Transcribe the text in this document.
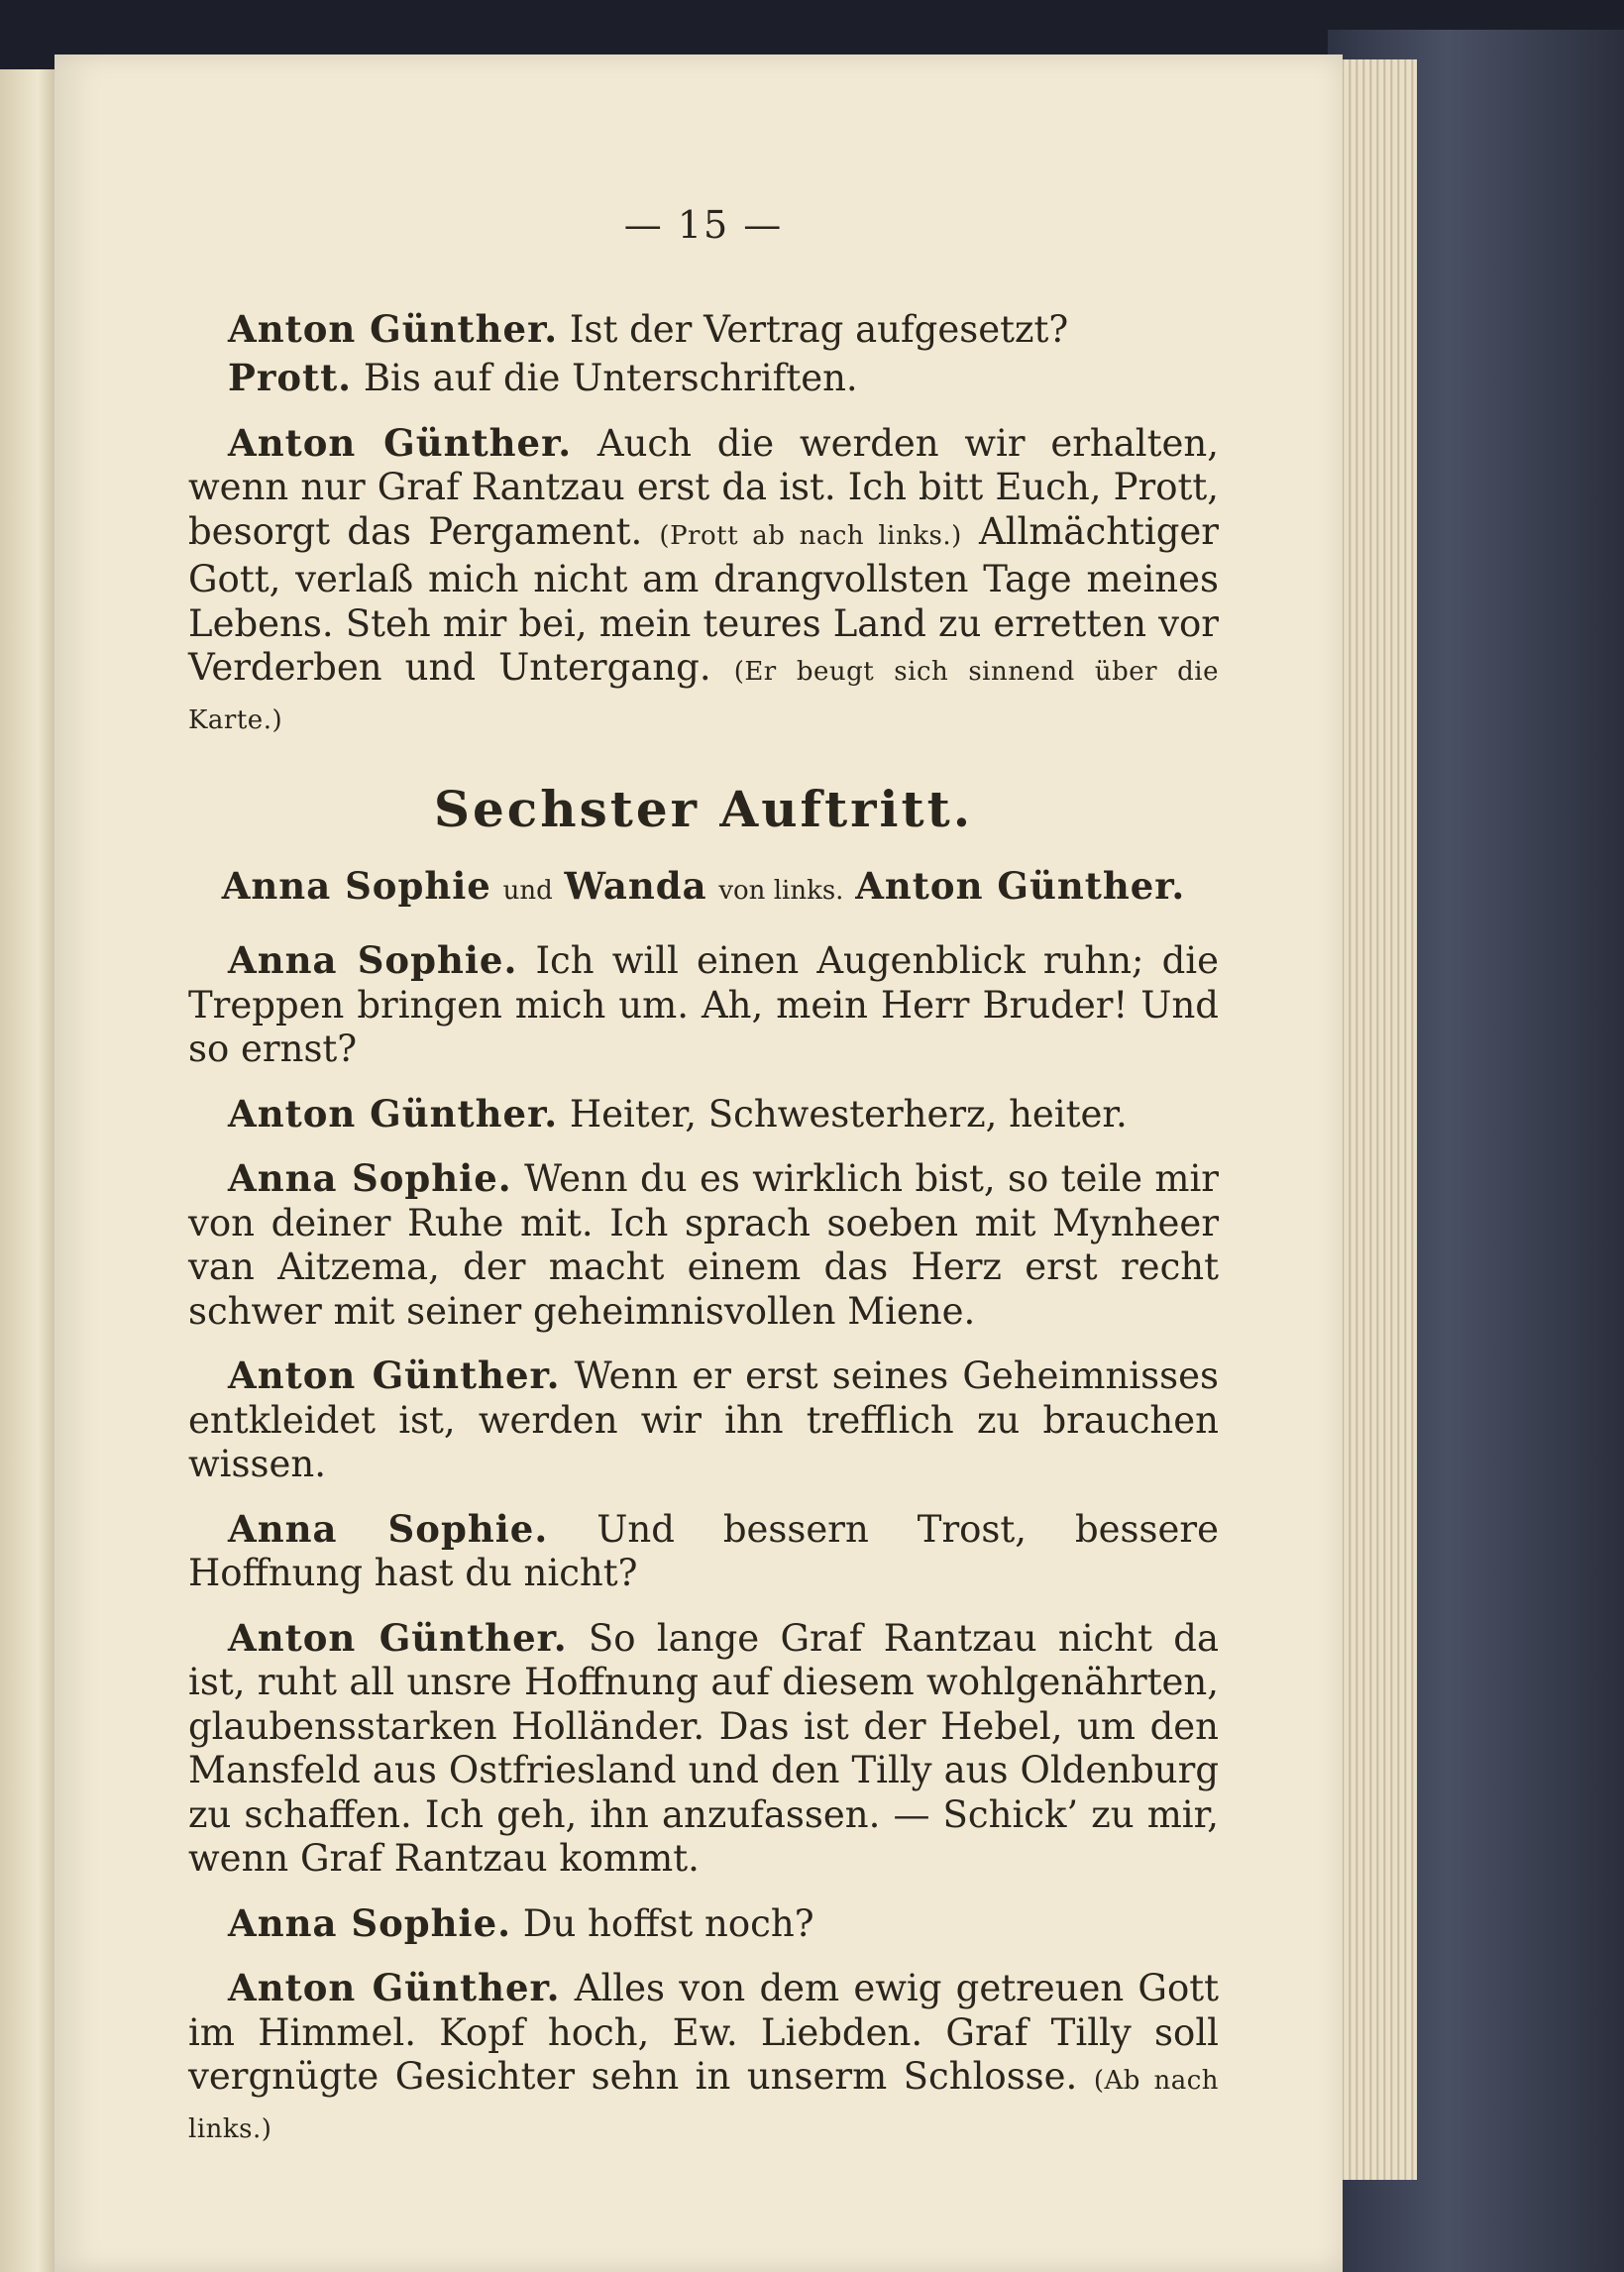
— 15 —

Anton Günther. Ist der Vertrag aufgesetzt?

Prott. Bis auf die Unterschriften.

Anton Günther. Auch die werden wir erhalten, wenn nur Graf Rantzau erst da ist. Ich bitt Euch, Prott, besorgt das Pergament. (Prott ab nach links.) Allmächtiger Gott, verlaß mich nicht am drangvollsten Tage meines Lebens. Steh mir bei, mein teures Land zu erretten vor Verderben und Untergang. (Er beugt sich sinnend über die Karte.)

Sechster Auftritt.
Anna Sophie und Wanda von links. Anton Günther.

Anna Sophie. Ich will einen Augenblick ruhn; die Treppen bringen mich um. Ah, mein Herr Bruder! Und so ernst?

Anton Günther. Heiter, Schwesterherz, heiter.

Anna Sophie. Wenn du es wirklich bist, so teile mir von deiner Ruhe mit. Ich sprach soeben mit Mynheer van Aitzema, der macht einem das Herz erst recht schwer mit seiner geheimnisvollen Miene.

Anton Günther. Wenn er erst seines Geheimnisses entkleidet ist, werden wir ihn trefflich zu brauchen wissen.

Anna Sophie. Und bessern Trost, bessere Hoffnung hast du nicht?

Anton Günther. So lange Graf Rantzau nicht da ist, ruht all unsre Hoffnung auf diesem wohlgenährten, glaubensstarken Holländer. Das ist der Hebel, um den Mansfeld aus Ostfriesland und den Tilly aus Oldenburg zu schaffen. Ich geh, ihn anzufassen. — Schick’ zu mir, wenn Graf Rantzau kommt.

Anna Sophie. Du hoffst noch?

Anton Günther. Alles von dem ewig getreuen Gott im Himmel. Kopf hoch, Ew. Liebden. Graf Tilly soll vergnügte Gesichter sehn in unserm Schlosse. (Ab nach links.)
